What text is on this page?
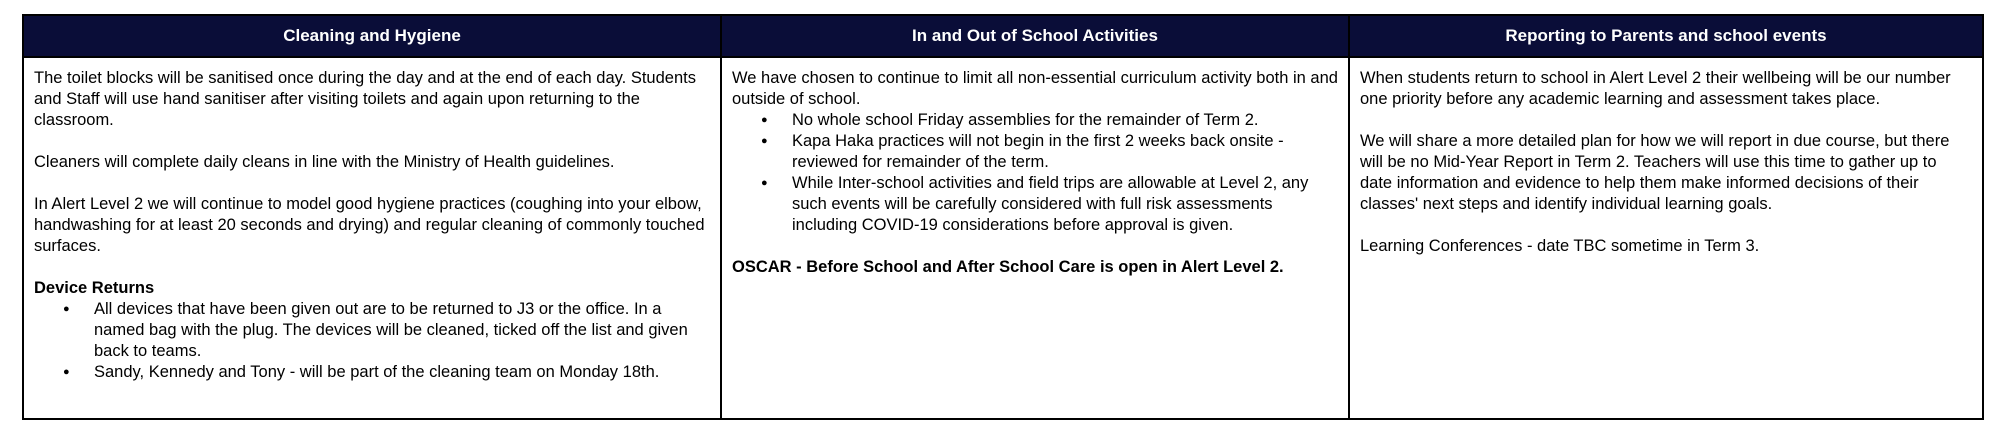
Cleaning and Hygiene	In and Out of School Activities	Reporting to Parents and school events

The toilet blocks will be sanitised once during the day and at the end of each day. Students and Staff will use hand sanitiser after visiting toilets and again upon returning to the classroom.

Cleaners will complete daily cleans in line with the Ministry of Health guidelines.

In Alert Level 2 we will continue to model good hygiene practices (coughing into your elbow, handwashing for at least 20 seconds and drying) and regular cleaning of commonly touched surfaces.

Device Returns

● All devices that have been given out are to be returned to J3 or the office. In a named bag with the plug. The devices will be cleaned, ticked off the list and given back to teams.
● Sandy, Kennedy and Tony - will be part of the cleaning team on Monday 18th.

We have chosen to continue to limit all non-essential curriculum activity both in and outside of school.

● No whole school Friday assemblies for the remainder of Term 2.
● Kapa Haka practices will not begin in the first 2 weeks back onsite - reviewed for remainder of the term.
● While Inter-school activities and field trips are allowable at Level 2, any such events will be carefully considered with full risk assessments including COVID-19 considerations before approval is given.

OSCAR - Before School and After School Care is open in Alert Level 2.

When students return to school in Alert Level 2 their wellbeing will be our number one priority before any academic learning and assessment takes place.

We will share a more detailed plan for how we will report in due course, but there will be no Mid-Year Report in Term 2. Teachers will use this time to gather up to date information and evidence to help them make informed decisions of their classes' next steps and identify individual learning goals.

Learning Conferences - date TBC sometime in Term 3.
